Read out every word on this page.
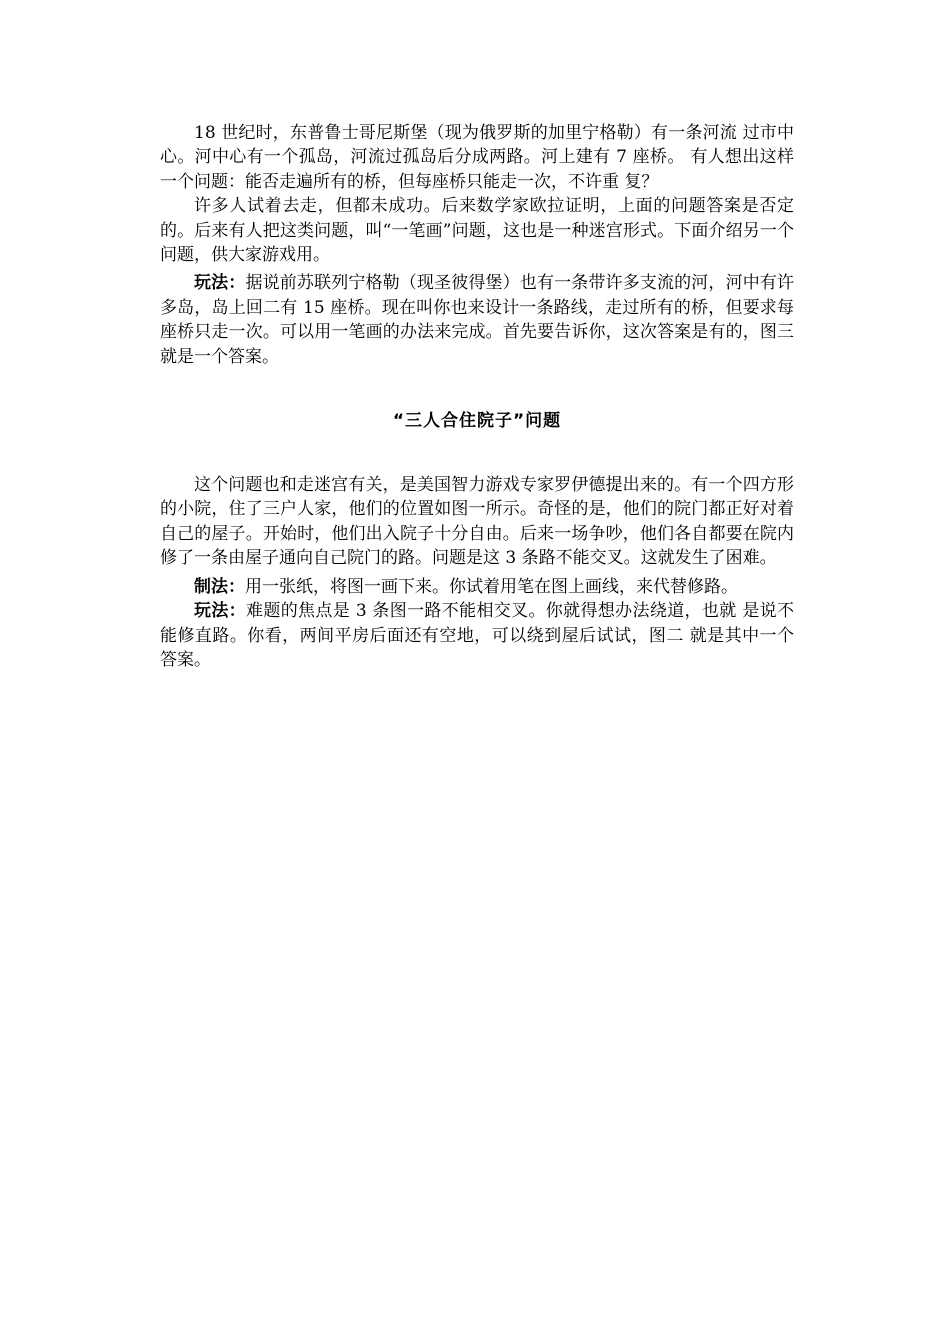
18 世纪时，东普鲁士哥尼斯堡（现为俄罗斯的加里宁格勒）有一条河流 过市中心。河中心有一个孤岛，河流过孤岛后分成两路。河上建有 7 座桥。 有人想出这样一个问题：能否走遍所有的桥，但每座桥只能走一次，不许重 复？

许多人试着去走，但都未成功。后来数学家欧拉证明，上面的问题答案是否定的。后来有人把这类问题，叫“一笔画”问题，这也是一种迷宫形式。下面介绍另一个问题，供大家游戏用。

玩法：据说前苏联列宁格勒（现圣彼得堡）也有一条带许多支流的河，河中有许多岛，岛上回二有 15 座桥。现在叫你也来设计一条路线，走过所有的桥，但要求每座桥只走一次。可以用一笔画的办法来完成。首先要告诉你，这次答案是有的，图三就是一个答案。

“三人合住院子”问题

这个问题也和走迷宫有关，是美国智力游戏专家罗伊德提出来的。有一个四方形的小院，住了三户人家，他们的位置如图一所示。奇怪的是，他们的院门都正好对着自己的屋子。开始时，他们出入院子十分自由。后来一场争吵，他们各自都要在院内修了一条由屋子通向自己院门的路。问题是这 3 条路不能交叉。这就发生了困难。

制法：用一张纸，将图一画下来。你试着用笔在图上画线，来代替修路。

玩法：难题的焦点是 3 条图一路不能相交叉。你就得想办法绕道，也就 是说不能修直路。你看，两间平房后面还有空地，可以绕到屋后试试，图二 就是其中一个答案。
